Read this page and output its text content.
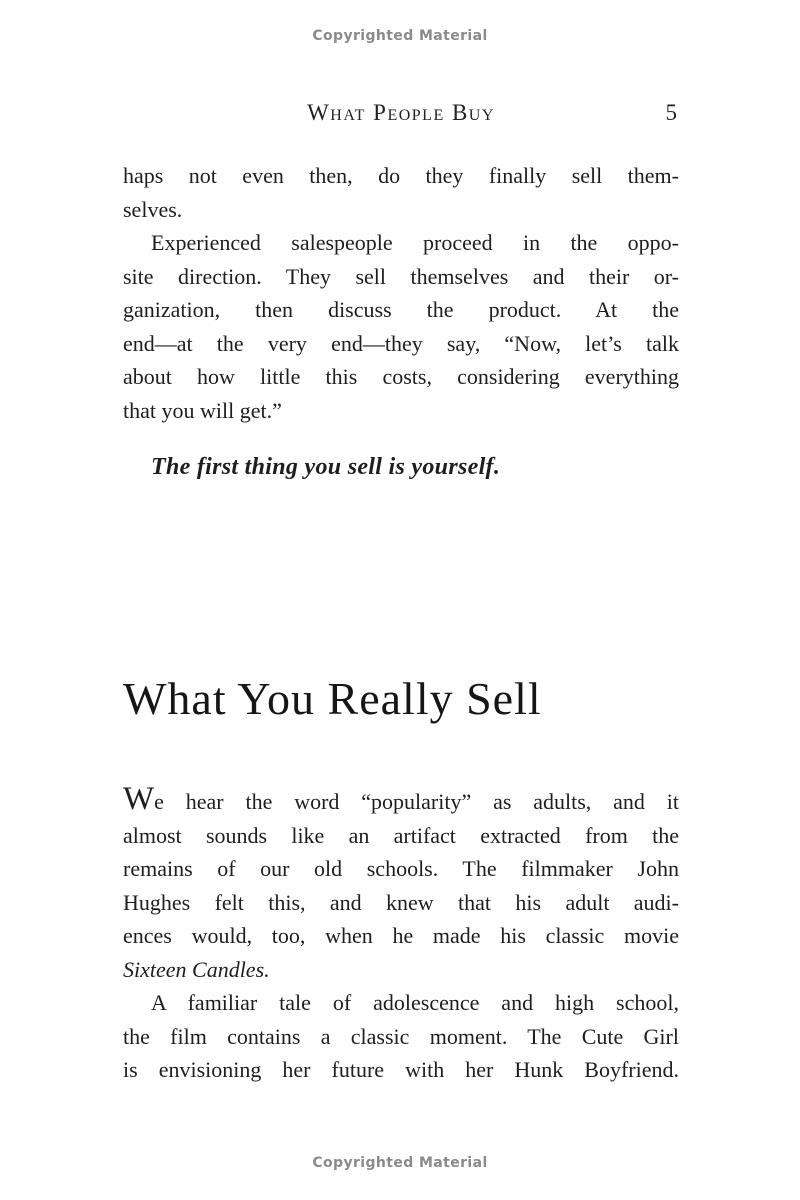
Copyrighted Material
What People Buy	5
haps not even then, do they finally sell them-
selves.
Experienced salespeople proceed in the oppo-
site direction. They sell themselves and their or-
ganization, then discuss the product. At the
end—at the very end—they say, “Now, let’s talk
about how little this costs, considering everything
that you will get.”
The first thing you sell is yourself.
What You Really Sell
We hear the word “popularity” as adults, and it
almost sounds like an artifact extracted from the
remains of our old schools. The filmmaker John
Hughes felt this, and knew that his adult audi-
ences would, too, when he made his classic movie
Sixteen Candles.
A familiar tale of adolescence and high school,
the film contains a classic moment. The Cute Girl
is envisioning her future with her Hunk Boyfriend.
Copyrighted Material
